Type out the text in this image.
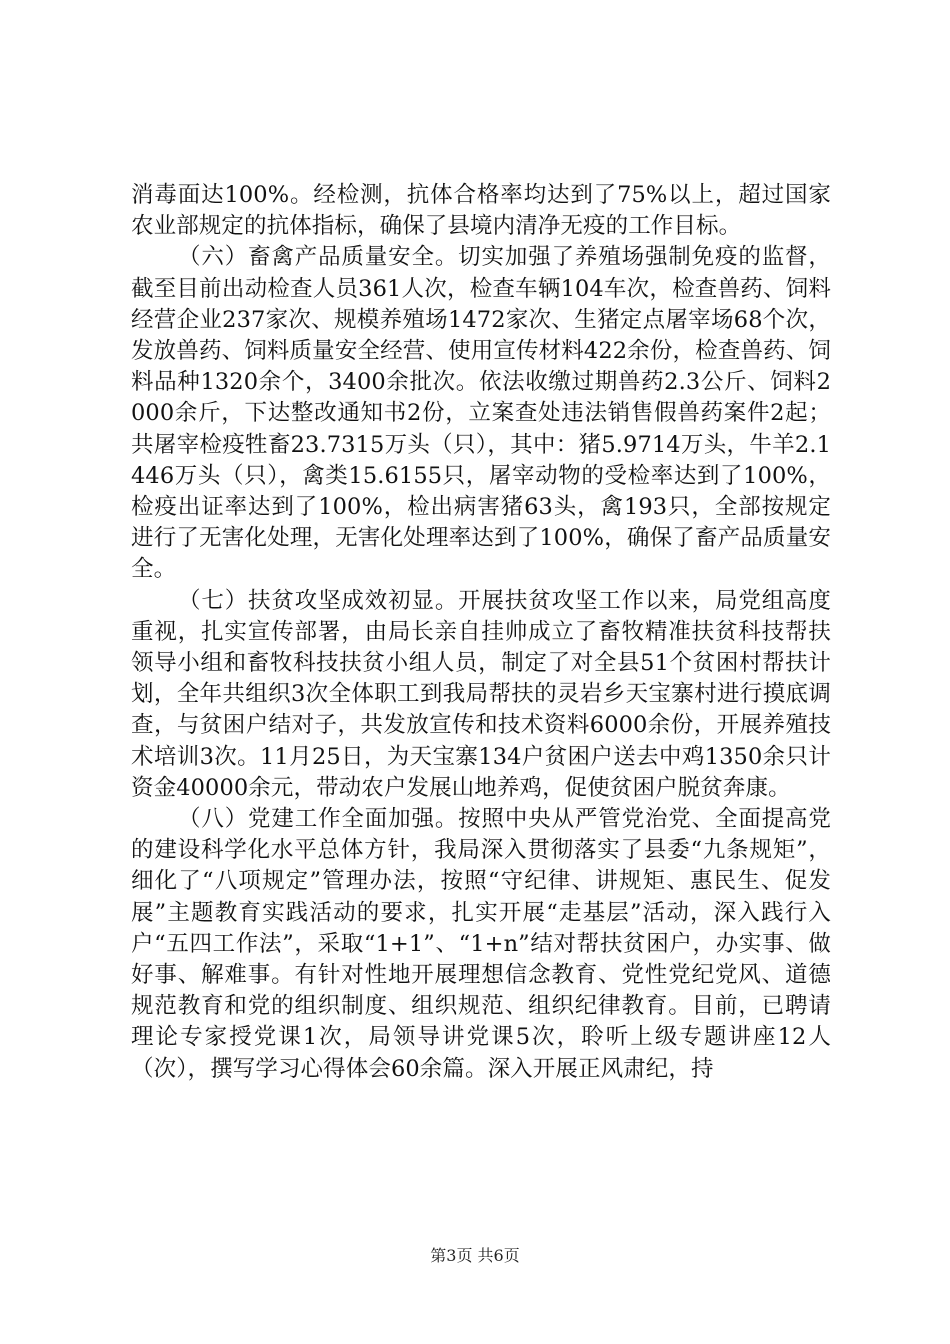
消毒面达100%。经检测，抗体合格率均达到了75%以上，超过国家农业部规定的抗体指标，确保了县境内清净无疫的工作目标。

（六）畜禽产品质量安全。切实加强了养殖场强制免疫的监督，截至目前出动检查人员361人次，检查车辆104车次，检查兽药、饲料经营企业237家次、规模养殖场1472家次、生猪定点屠宰场68个次，发放兽药、饲料质量安全经营、使用宣传材料422余份，检查兽药、饲料品种1320余个，3400余批次。依法收缴过期兽药2.3公斤、饲料2000余斤，下达整改通知书2份，立案查处违法销售假兽药案件2起；共屠宰检疫牲畜23.7315万头（只），其中：猪5.9714万头，牛羊2.1446万头（只），禽类15.6155只，屠宰动物的受检率达到了100%，检疫出证率达到了100%，检出病害猪63头，禽193只，全部按规定进行了无害化处理，无害化处理率达到了100%，确保了畜产品质量安全。

（七）扶贫攻坚成效初显。开展扶贫攻坚工作以来，局党组高度重视，扎实宣传部署，由局长亲自挂帅成立了畜牧精准扶贫科技帮扶领导小组和畜牧科技扶贫小组人员，制定了对全县51个贫困村帮扶计划，全年共组织3次全体职工到我局帮扶的灵岩乡天宝寨村进行摸底调查，与贫困户结对子，共发放宣传和技术资料6000余份，开展养殖技术培训3次。11月25日，为天宝寨134户贫困户送去中鸡1350余只计资金40000余元，带动农户发展山地养鸡，促使贫困户脱贫奔康。

（八）党建工作全面加强。按照中央从严管党治党、全面提高党的建设科学化水平总体方针，我局深入贯彻落实了县委“九条规矩”，细化了“八项规定”管理办法，按照“守纪律、讲规矩、惠民生、促发展”主题教育实践活动的要求，扎实开展“走基层”活动，深入践行入户“五四工作法”，采取“1+1”、“1+n”结对帮扶贫困户，办实事、做好事、解难事。有针对性地开展理想信念教育、党性党纪党风、道德规范教育和党的组织制度、组织规范、组织纪律教育。目前，已聘请理论专家授党课1次，局领导讲党课5次，聆听上级专题讲座12人（次），撰写学习心得体会60余篇。深入开展正风肃纪，持

第3页 共6页
